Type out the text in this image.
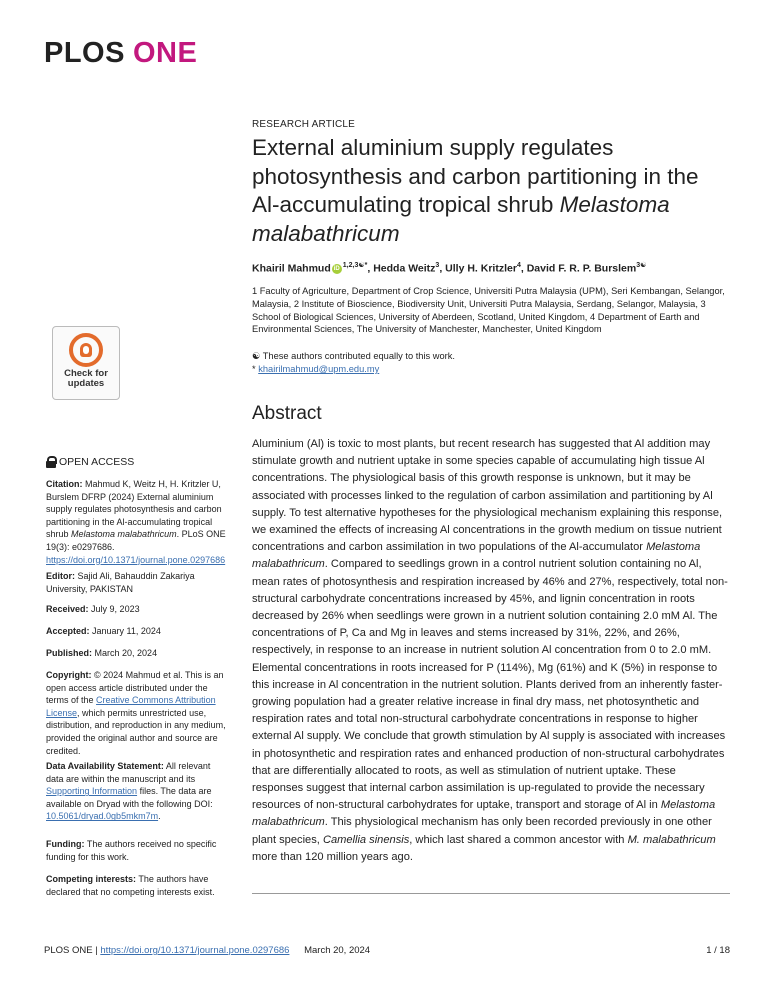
PLOS ONE
Check for
updates
OPEN ACCESS
Citation: Mahmud K, Weitz H, H. Kritzler U, Burslem DFRP (2024) External aluminium supply regulates photosynthesis and carbon partitioning in the Al-accumulating tropical shrub Melastoma malabathricum. PLoS ONE 19(3): e0297686. https://doi.org/10.1371/journal.pone.0297686
Editor: Sajid Ali, Bahauddin Zakariya University, PAKISTAN
Received: July 9, 2023
Accepted: January 11, 2024
Published: March 20, 2024
Copyright: © 2024 Mahmud et al. This is an open access article distributed under the terms of the Creative Commons Attribution License, which permits unrestricted use, distribution, and reproduction in any medium, provided the original author and source are credited.
Data Availability Statement: All relevant data are within the manuscript and its Supporting Information files. The data are available on Dryad with the following DOI: 10.5061/dryad.0gb5mkm7m.
Funding: The authors received no specific funding for this work.
Competing interests: The authors have declared that no competing interests exist.
RESEARCH ARTICLE
External aluminium supply regulates photosynthesis and carbon partitioning in the Al-accumulating tropical shrub Melastoma malabathricum
Khairil Mahmud iD $^{1,2,3☯*}$, Hedda Weitz$^3$, Ully H. Kritzler$^4$, David F. R. P. Burslem$^{3☯}$
1 Faculty of Agriculture, Department of Crop Science, Universiti Putra Malaysia (UPM), Seri Kembangan, Selangor, Malaysia, 2 Institute of Bioscience, Biodiversity Unit, Universiti Putra Malaysia, Serdang, Selangor, Malaysia, 3 School of Biological Sciences, University of Aberdeen, Scotland, United Kingdom, 4 Department of Earth and Environmental Sciences, The University of Manchester, Manchester, United Kingdom
☯ These authors contributed equally to this work.
* khairilmahmud@upm.edu.my
Abstract

Aluminium (Al) is toxic to most plants, but recent research has suggested that Al addition may stimulate growth and nutrient uptake in some species capable of accumulating high tissue Al concentrations. The physiological basis of this growth response is unknown, but it may be associated with processes linked to the regulation of carbon assimilation and partitioning by Al supply. To test alternative hypotheses for the physiological mechanism explaining this response, we examined the effects of increasing Al concentrations in the growth medium on tissue nutrient concentrations and carbon assimilation in two populations of the Al-accumulator Melastoma malabathricum. Compared to seedlings grown in a control nutrient solution containing no Al, mean rates of photosynthesis and respiration increased by 46% and 27%, respectively, total non-structural carbohydrate concentrations increased by 45%, and lignin concentration in roots decreased by 26% when seedlings were grown in a nutrient solution containing 2.0 mM Al. The concentrations of P, Ca and Mg in leaves and stems increased by 31%, 22%, and 26%, respectively, in response to an increase in nutrient solution Al concentration from 0 to 2.0 mM. Elemental concentrations in roots increased for P (114%), Mg (61%) and K (5%) in response to this increase in Al concentration in the nutrient solution. Plants derived from an inherently faster-growing population had a greater relative increase in final dry mass, net photosynthetic and respiration rates and total non-structural carbohydrate concentrations in response to higher external Al supply. We conclude that growth stimulation by Al supply is associated with increases in photosynthetic and respiration rates and enhanced production of non-structural carbohydrates that are differentially allocated to roots, as well as stimulation of nutrient uptake. These responses suggest that internal carbon assimilation is up-regulated to provide the necessary resources of non-structural carbohydrates for uptake, transport and storage of Al in Melastoma malabathricum. This physiological mechanism has only been recorded previously in one other plant species, Camellia sinensis, which last shared a common ancestor with M. malabathricum more than 120 million years ago.

PLOS ONE | https://doi.org/10.1371/journal.pone.0297686 March 20, 2024	1 / 18
